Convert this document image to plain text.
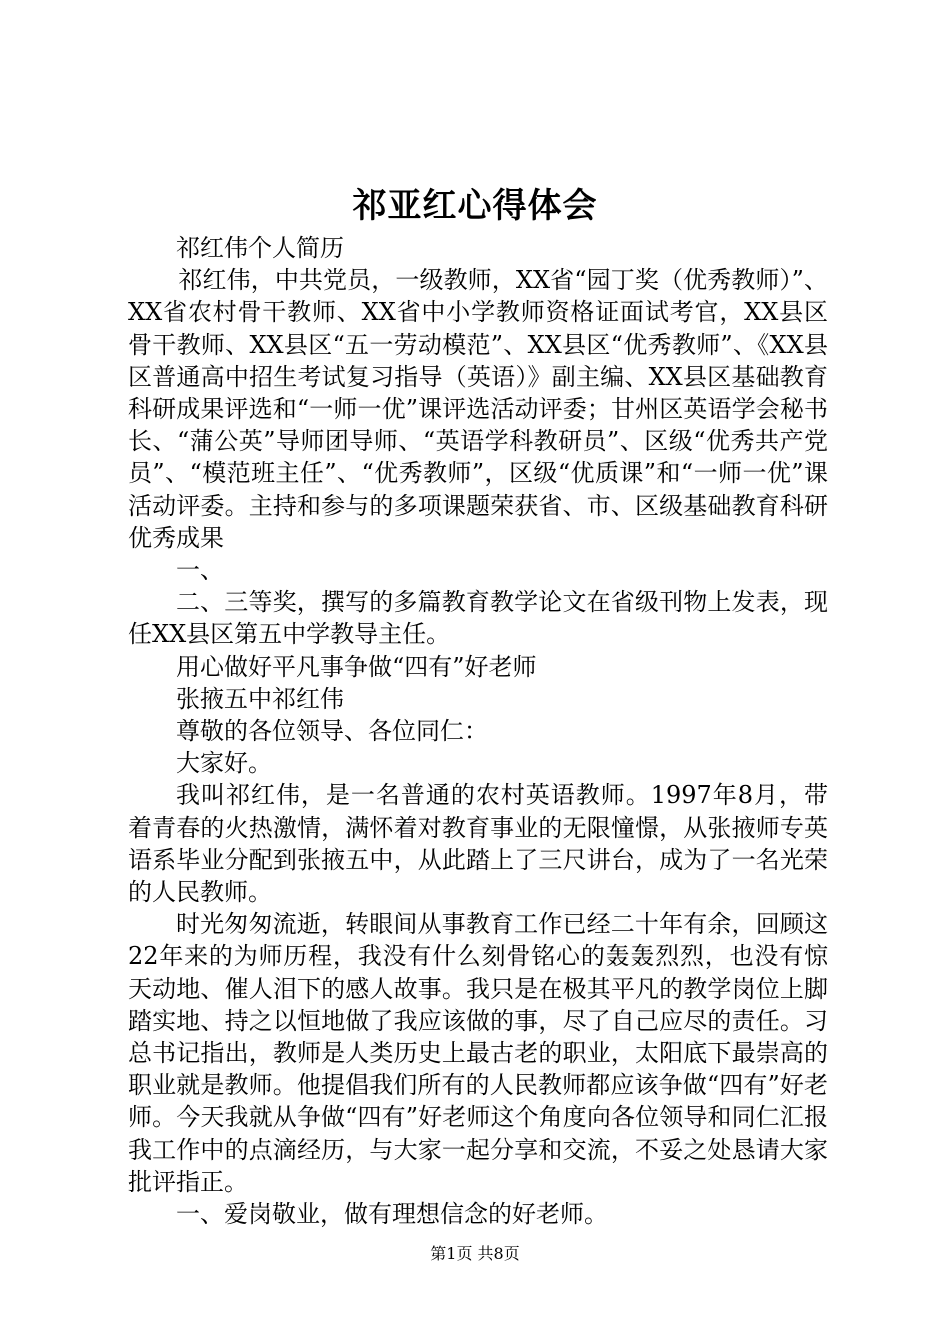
祁亚红心得体会

祁红伟个人简历

祁红伟，中共党员，一级教师，XX省“园丁奖（优秀教师）”、XX省农村骨干教师、XX省中小学教师资格证面试考官，XX县区骨干教师、XX县区“五一劳动模范”、XX县区“优秀教师”、《XX县区普通高中招生考试复习指导（英语）》副主编、XX县区基础教育科研成果评选和“一师一优”课评选活动评委；甘州区英语学会秘书长、“蒲公英”导师团导师、“英语学科教研员”、区级“优秀共产党员”、“模范班主任”、“优秀教师”，区级“优质课”和“一师一优”课活动评委。主持和参与的多项课题荣获省、市、区级基础教育科研优秀成果

一、

二、三等奖，撰写的多篇教育教学论文在省级刊物上发表，现任XX县区第五中学教导主任。

用心做好平凡事争做“四有”好老师

张掖五中祁红伟

尊敬的各位领导、各位同仁：

大家好。

我叫祁红伟，是一名普通的农村英语教师。1997年8月，带着青春的火热激情，满怀着对教育事业的无限憧憬，从张掖师专英语系毕业分配到张掖五中，从此踏上了三尺讲台，成为了一名光荣的人民教师。

时光匆匆流逝，转眼间从事教育工作已经二十年有余，回顾这22年来的为师历程，我没有什么刻骨铭心的轰轰烈烈，也没有惊天动地、催人泪下的感人故事。我只是在极其平凡的教学岗位上脚踏实地、持之以恒地做了我应该做的事，尽了自己应尽的责任。习总书记指出，教师是人类历史上最古老的职业，太阳底下最崇高的职业就是教师。他提倡我们所有的人民教师都应该争做“四有”好老师。今天我就从争做“四有”好老师这个角度向各位领导和同仁汇报我工作中的点滴经历，与大家一起分享和交流，不妥之处恳请大家批评指正。

一、爱岗敬业，做有理想信念的好老师。

第1页 共8页
